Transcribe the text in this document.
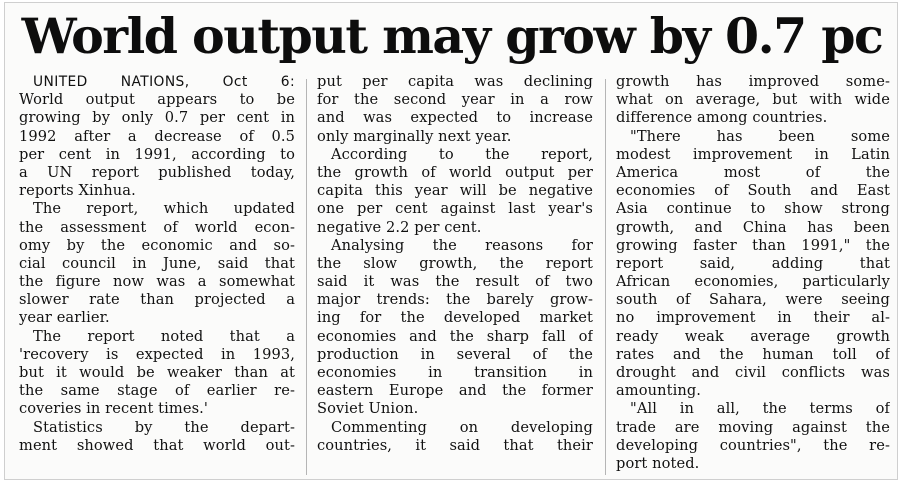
World output may grow by 0.7 pc
UNITED NATIONS, Oct 6:
World output appears to be
growing by only 0.7 per cent in
1992 after a decrease of 0.5
per cent in 1991, according to
a UN report published today,
reports Xinhua.
The report, which updated
the assessment of world econ-
omy by the economic and so-
cial council in June, said that
the figure now was a somewhat
slower rate than projected a
year earlier.
The report noted that a
'recovery is expected in 1993,
but it would be weaker than at
the same stage of earlier re-
coveries in recent times.'
Statistics by the depart-
ment showed that world out-
put per capita was declining
for the second year in a row
and was expected to increase
only marginally next year.
According to the report,
the growth of world output per
capita this year will be negative
one per cent against last year's
negative 2.2 per cent.
Analysing the reasons for
the slow growth, the report
said it was the result of two
major trends: the barely grow-
ing for the developed market
economies and the sharp fall of
production in several of the
economies in transition in
eastern Europe and the former
Soviet Union.
Commenting on developing
countries, it said that their
growth has improved some-
what on average, but with wide
difference among countries.
"There has been some
modest improvement in Latin
America most of the
economies of South and East
Asia continue to show strong
growth, and China has been
growing faster than 1991," the
report said, adding that
African economies, particularly
south of Sahara, were seeing
no improvement in their al-
ready weak average growth
rates and the human toll of
drought and civil conflicts was
amounting.
"All in all, the terms of
trade are moving against the
developing countries", the re-
port noted.
